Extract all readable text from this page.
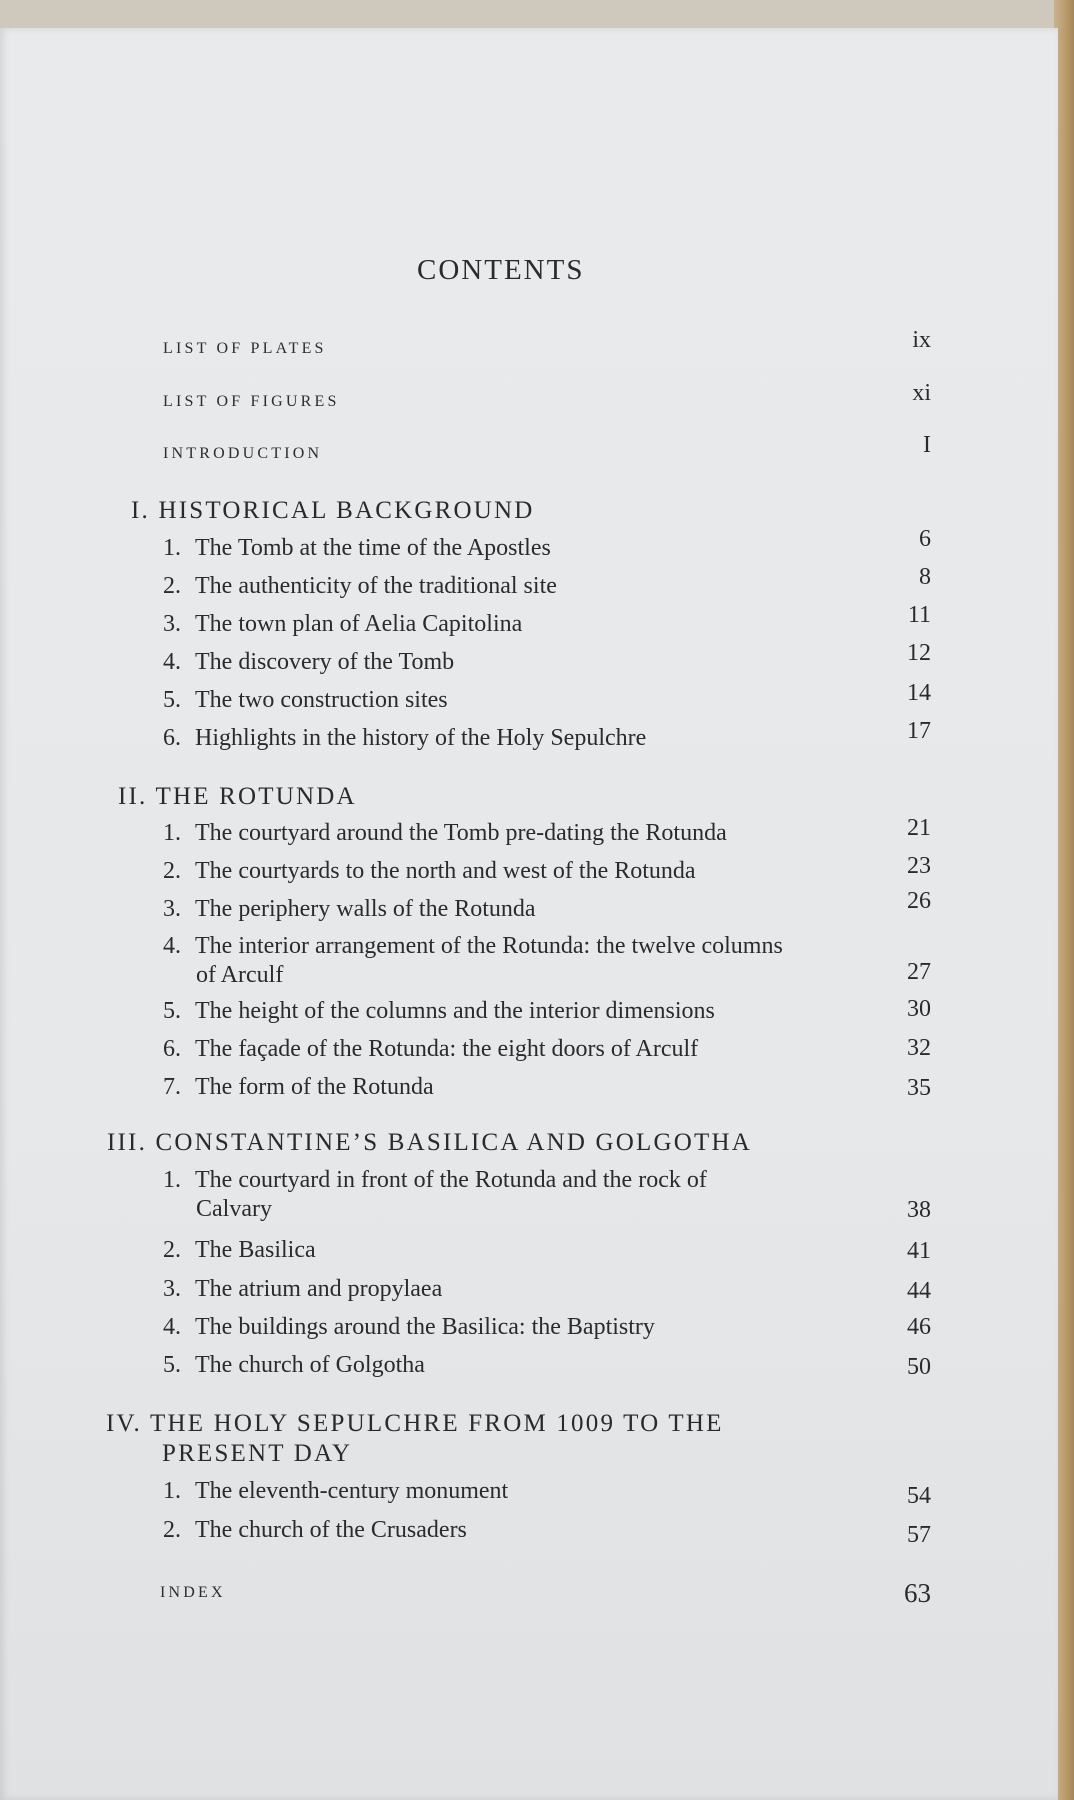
CONTENTS
LIST OF PLATES	ix
LIST OF FIGURES	xi
INTRODUCTION	I
I. HISTORICAL BACKGROUND
1. The Tomb at the time of the Apostles	6
2. The authenticity of the traditional site	8
3. The town plan of Aelia Capitolina	11
4. The discovery of the Tomb	12
5. The two construction sites	14
6. Highlights in the history of the Holy Sepulchre	17
II. THE ROTUNDA
1. The courtyard around the Tomb pre-dating the Rotunda	21
2. The courtyards to the north and west of the Rotunda	23
3. The periphery walls of the Rotunda	26
4. The interior arrangement of the Rotunda: the twelve columns
of Arculf	27
5. The height of the columns and the interior dimensions	30
6. The façade of the Rotunda: the eight doors of Arculf	32
7. The form of the Rotunda	35
III. CONSTANTINE’S BASILICA AND GOLGOTHA
1. The courtyard in front of the Rotunda and the rock of
Calvary	38
2. The Basilica	41
3. The atrium and propylaea	44
4. The buildings around the Basilica: the Baptistry	46
5. The church of Golgotha	50
IV. THE HOLY SEPULCHRE FROM 1009 TO THE
PRESENT DAY
1. The eleventh-century monument	54
2. The church of the Crusaders	57
INDEX	63
